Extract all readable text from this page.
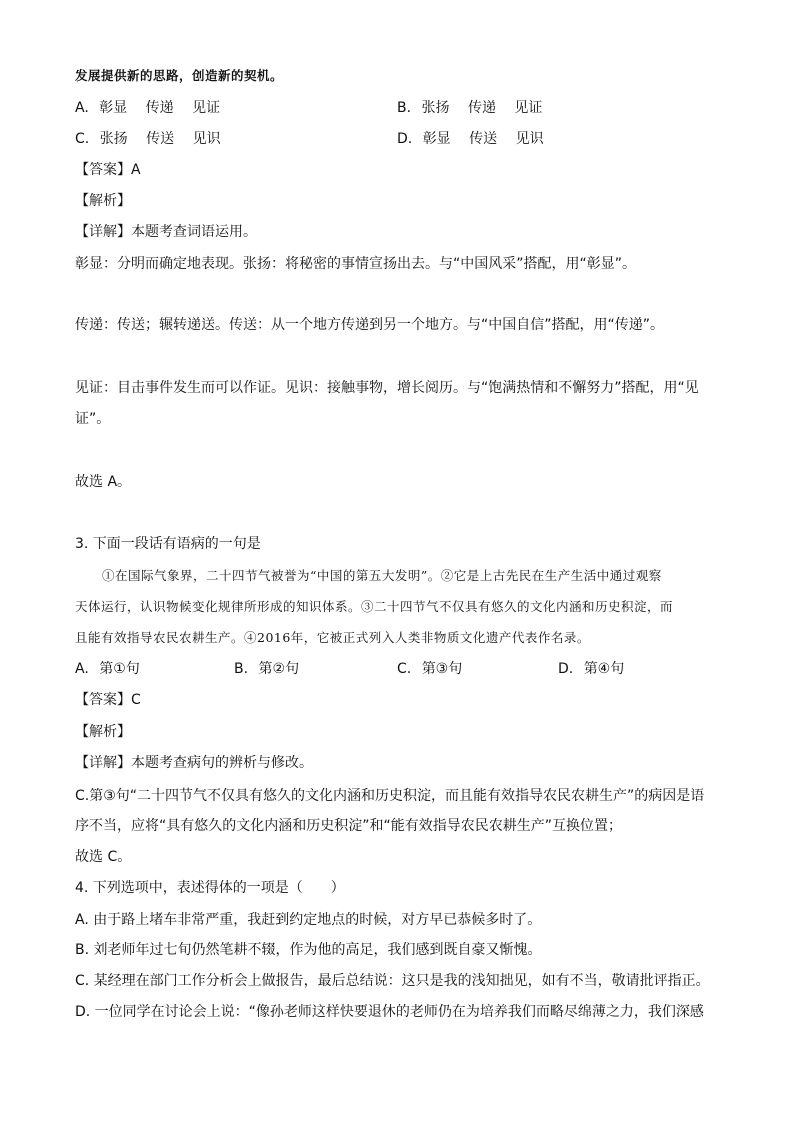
发展提供新的思路，创造新的契机。
A. 彰显　 传递　 见证	B. 张扬　 传递　 见证
C. 张扬　 传送　 见识	D. 彰显　 传送　 见识
【答案】A
【解析】
【详解】本题考查词语运用。
彰显：分明而确定地表现。张扬：将秘密的事情宣扬出去。与“中国风采”搭配，用“彰显”。
传递：传送；辗转递送。传送：从一个地方传递到另一个地方。与“中国自信”搭配，用“传递”。
见证：目击事件发生而可以作证。见识：接触事物，增长阅历。与“饱满热情和不懈努力”搭配，用“见
证”。
故选 A。
3. 下面一段话有语病的一句是
①在国际气象界，二十四节气被誉为“中国的第五大发明”。②它是上古先民在生产生活中通过观察
天体运行，认识物候变化规律所形成的知识体系。③二十四节气不仅具有悠久的文化内涵和历史积淀，而
且能有效指导农民农耕生产。④2016年，它被正式列入人类非物质文化遗产代表作名录。
A. 第①句	B. 第②句	C. 第③句	D. 第④句
【答案】C
【解析】
【详解】本题考查病句的辨析与修改。
C.第③句“二十四节气不仅具有悠久的文化内涵和历史积淀，而且能有效指导农民农耕生产”的病因是语
序不当，应将“具有悠久的文化内涵和历史积淀”和“能有效指导农民农耕生产”互换位置；
故选 C。
4. 下列选项中，表述得体的一项是（　　）
A. 由于路上堵车非常严重，我赶到约定地点的时候，对方早已恭候多时了。
B. 刘老师年过七旬仍然笔耕不辍，作为他的高足，我们感到既自豪又惭愧。
C. 某经理在部门工作分析会上做报告，最后总结说：这只是我的浅知拙见，如有不当，敬请批评指正。
D. 一位同学在讨论会上说：“像孙老师这样快要退休的老师仍在为培养我们而略尽绵薄之力，我们深感
